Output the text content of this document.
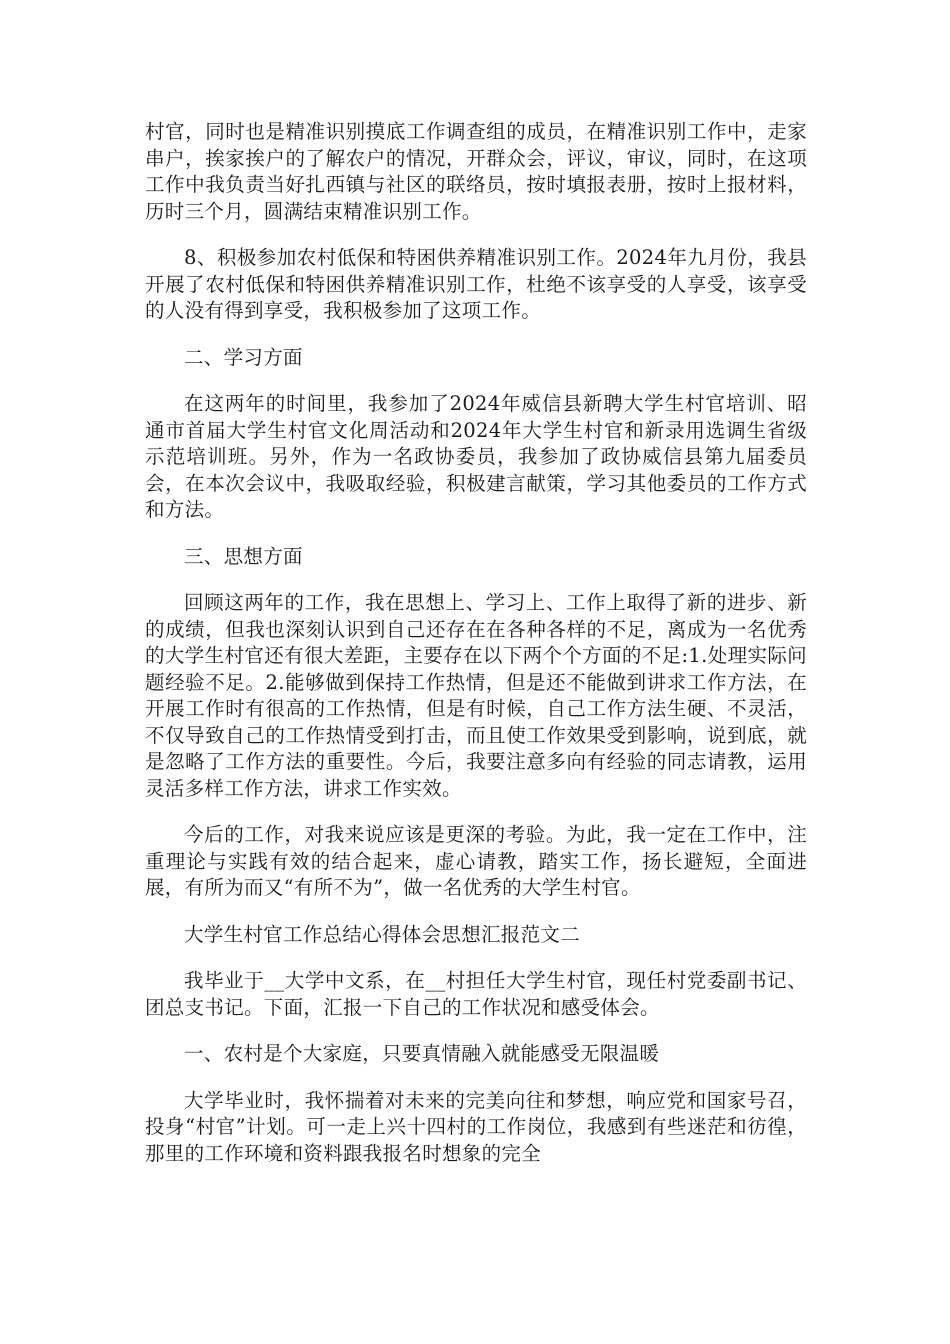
村官，同时也是精准识别摸底工作调查组的成员，在精准识别工作中，走家串户，挨家挨户的了解农户的情况，开群众会，评议，审议，同时，在这项工作中我负责当好扎西镇与社区的联络员，按时填报表册，按时上报材料，历时三个月，圆满结束精准识别工作。

8、积极参加农村低保和特困供养精准识别工作。2024年九月份，我县开展了农村低保和特困供养精准识别工作，杜绝不该享受的人享受，该享受的人没有得到享受，我积极参加了这项工作。

二、学习方面

在这两年的时间里，我参加了2024年威信县新聘大学生村官培训、昭通市首届大学生村官文化周活动和2024年大学生村官和新录用选调生省级示范培训班。另外，作为一名政协委员，我参加了政协威信县第九届委员会，在本次会议中，我吸取经验，积极建言献策，学习其他委员的工作方式和方法。

三、思想方面

回顾这两年的工作，我在思想上、学习上、工作上取得了新的进步、新的成绩，但我也深刻认识到自己还存在在各种各样的不足，离成为一名优秀的大学生村官还有很大差距，主要存在以下两个个方面的不足:1.处理实际问题经验不足。2.能够做到保持工作热情，但是还不能做到讲求工作方法，在开展工作时有很高的工作热情，但是有时候，自己工作方法生硬、不灵活，不仅导致自己的工作热情受到打击，而且使工作效果受到影响，说到底，就是忽略了工作方法的重要性。今后，我要注意多向有经验的同志请教，运用灵活多样工作方法，讲求工作实效。

今后的工作，对我来说应该是更深的考验。为此，我一定在工作中，注重理论与实践有效的结合起来，虚心请教，踏实工作，扬长避短，全面进展，有所为而又“有所不为”，做一名优秀的大学生村官。

大学生村官工作总结心得体会思想汇报范文二

我毕业于__大学中文系，在__村担任大学生村官，现任村党委副书记、团总支书记。下面，汇报一下自己的工作状况和感受体会。

一、农村是个大家庭，只要真情融入就能感受无限温暖

大学毕业时，我怀揣着对未来的完美向往和梦想，响应党和国家号召，投身“村官”计划。可一走上兴十四村的工作岗位，我感到有些迷茫和彷徨，那里的工作环境和资料跟我报名时想象的完全
